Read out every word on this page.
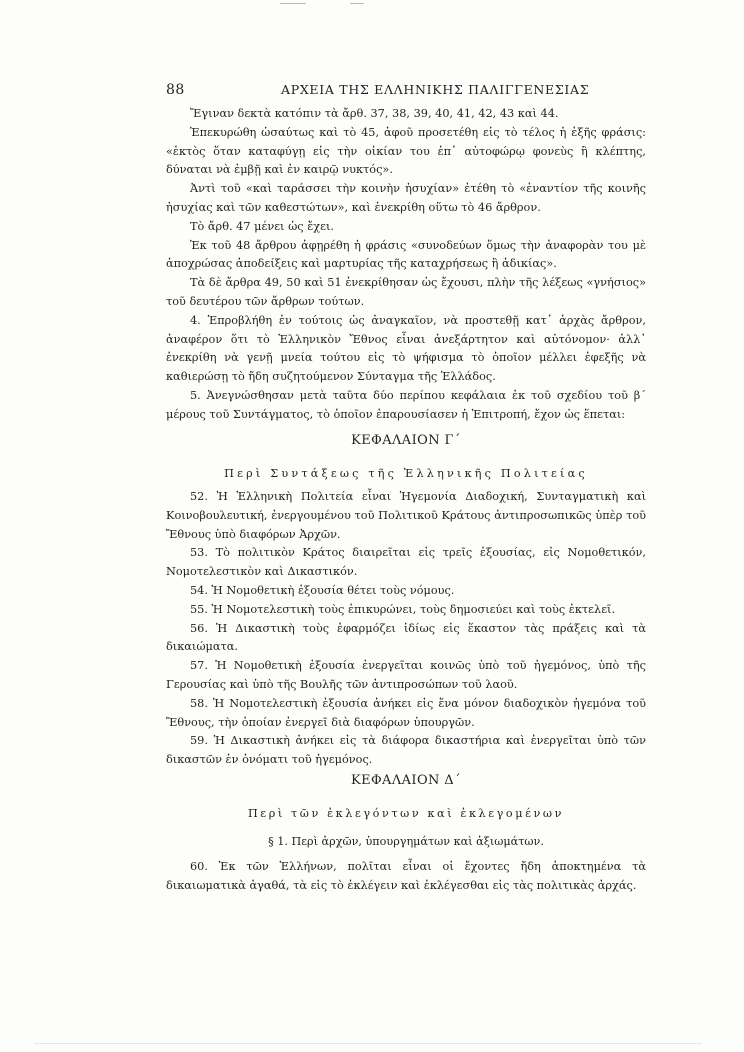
88	ΑΡΧΕΙΑ ΤΗΣ ΕΛΛΗΝΙΚΗΣ ΠΑΛΙΓΓΕΝΕΣΙΑΣ

Ἔγιναν δεκτὰ κατόπιν τὰ ἄρθ. 37, 38, 39, 40, 41, 42, 43 καὶ 44.

Ἐπεκυρώθη ὡσαύτως καὶ τὸ 45, ἀφοῦ προσετέθη εἰς τὸ τέλος ἡ ἑξῆς φράσις: «ἐκτὸς ὅταν καταφύγῃ εἰς τὴν οἰκίαν του ἐπ᾽ αὐτοφώρῳ φονεὺς ἢ κλέπτης, δύναται νὰ ἐμβῇ καὶ ἐν καιρῷ νυκτός».

Ἀντὶ τοῦ «καὶ ταράσσει τὴν κοινὴν ἡσυχίαν» ἐτέθη τὸ «ἐναντίον τῆς κοινῆς ἡσυχίας καὶ τῶν καθεστώτων», καὶ ἐνεκρίθη οὕτω τὸ 46 ἄρθρον.

Τὸ ἄρθ. 47 μένει ὡς ἔχει.

Ἐκ τοῦ 48 ἄρθρου ἀφῃρέθη ἡ φράσις «συνοδεύων ὅμως τὴν ἀναφορὰν του μὲ ἀποχρώσας ἀποδείξεις καὶ μαρτυρίας τῆς καταχρήσεως ἢ ἀδικίας».

Τὰ δὲ ἄρθρα 49, 50 καὶ 51 ἐνεκρίθησαν ὡς ἔχουσι, πλὴν τῆς λέξεως «γνήσιος» τοῦ δευτέρου τῶν ἄρθρων τούτων.

4. Ἐπροβλήθη ἐν τούτοις ὡς ἀναγκαῖον, νὰ προστεθῇ κατ᾽ ἀρχὰς ἄρθρον, ἀναφέρον ὅτι τὸ Ἑλληνικὸν Ἔθνος εἶναι ἀνεξάρτητον καὶ αὐτόνομον· ἀλλ᾽ ἐνεκρίθη νὰ γενῇ μνεία τούτου εἰς τὸ ψήφισμα τὸ ὁποῖον μέλλει ἐφεξῆς νὰ καθιερώσῃ τὸ ἤδη συζητούμενον Σύνταγμα τῆς Ἑλλάδος.

5. Ἀνεγνώσθησαν μετὰ ταῦτα δύο περίπου κεφάλαια ἐκ τοῦ σχεδίου τοῦ β´ μέρους τοῦ Συντάγματος, τὸ ὁποῖον ἐπαρουσίασεν ἡ Ἐπιτροπή, ἔχον ὡς ἕπεται:

ΚΕΦΑΛΑΙΟΝ Γ´

Περὶ Συντάξεως τῆς Ἑλληνικῆς Πολιτείας

52. Ἡ Ἑλληνικὴ Πολιτεία εἶναι Ἡγεμονία Διαδοχική, Συνταγματικὴ καὶ Κοινοβουλευτική, ἐνεργουμένου τοῦ Πολιτικοῦ Κράτους ἀντιπροσωπικῶς ὑπὲρ τοῦ Ἔθνους ὑπὸ διαφόρων Ἀρχῶν.

53. Τὸ πολιτικὸν Κράτος διαιρεῖται εἰς τρεῖς ἐξουσίας, εἰς Νομοθετικόν, Νομοτελεστικὸν καὶ Δικαστικόν.

54. Ἡ Νομοθετικὴ ἐξουσία θέτει τοὺς νόμους.

55. Ἡ Νομοτελεστικὴ τοὺς ἐπικυρώνει, τοὺς δημοσιεύει καὶ τοὺς ἐκτελεῖ.

56. Ἡ Δικαστικὴ τοὺς ἐφαρμόζει ἰδίως εἰς ἕκαστον τὰς πράξεις καὶ τὰ δικαιώματα.

57. Ἡ Νομοθετικὴ ἐξουσία ἐνεργεῖται κοινῶς ὑπὸ τοῦ ἡγεμόνος, ὑπὸ τῆς Γερουσίας καὶ ὑπὸ τῆς Βουλῆς τῶν ἀντιπροσώπων τοῦ λαοῦ.

58. Ἡ Νομοτελεστικὴ ἐξουσία ἀνήκει εἰς ἕνα μόνον διαδοχικὸν ἡγεμόνα τοῦ Ἔθνους, τὴν ὁποίαν ἐνεργεῖ διὰ διαφόρων ὑπουργῶν.

59. Ἡ Δικαστικὴ ἀνήκει εἰς τὰ διάφορα δικαστήρια καὶ ἐνεργεῖται ὑπὸ τῶν δικαστῶν ἐν ὀνόματι τοῦ ἡγεμόνος.

ΚΕΦΑΛΑΙΟΝ Δ´

Περὶ τῶν ἐκλεγόντων καὶ ἐκλεγομένων

§ 1. Περὶ ἀρχῶν, ὑπουργημάτων καὶ ἀξιωμάτων.

60. Ἐκ τῶν Ἑλλήνων, πολῖται εἶναι οἱ ἔχοντες ἤδη ἀποκτημένα τὰ δικαιωματικὰ ἀγαθά, τὰ εἰς τὸ ἐκλέγειν καὶ ἐκλέγεσθαι εἰς τὰς πολιτικὰς ἀρχάς.
